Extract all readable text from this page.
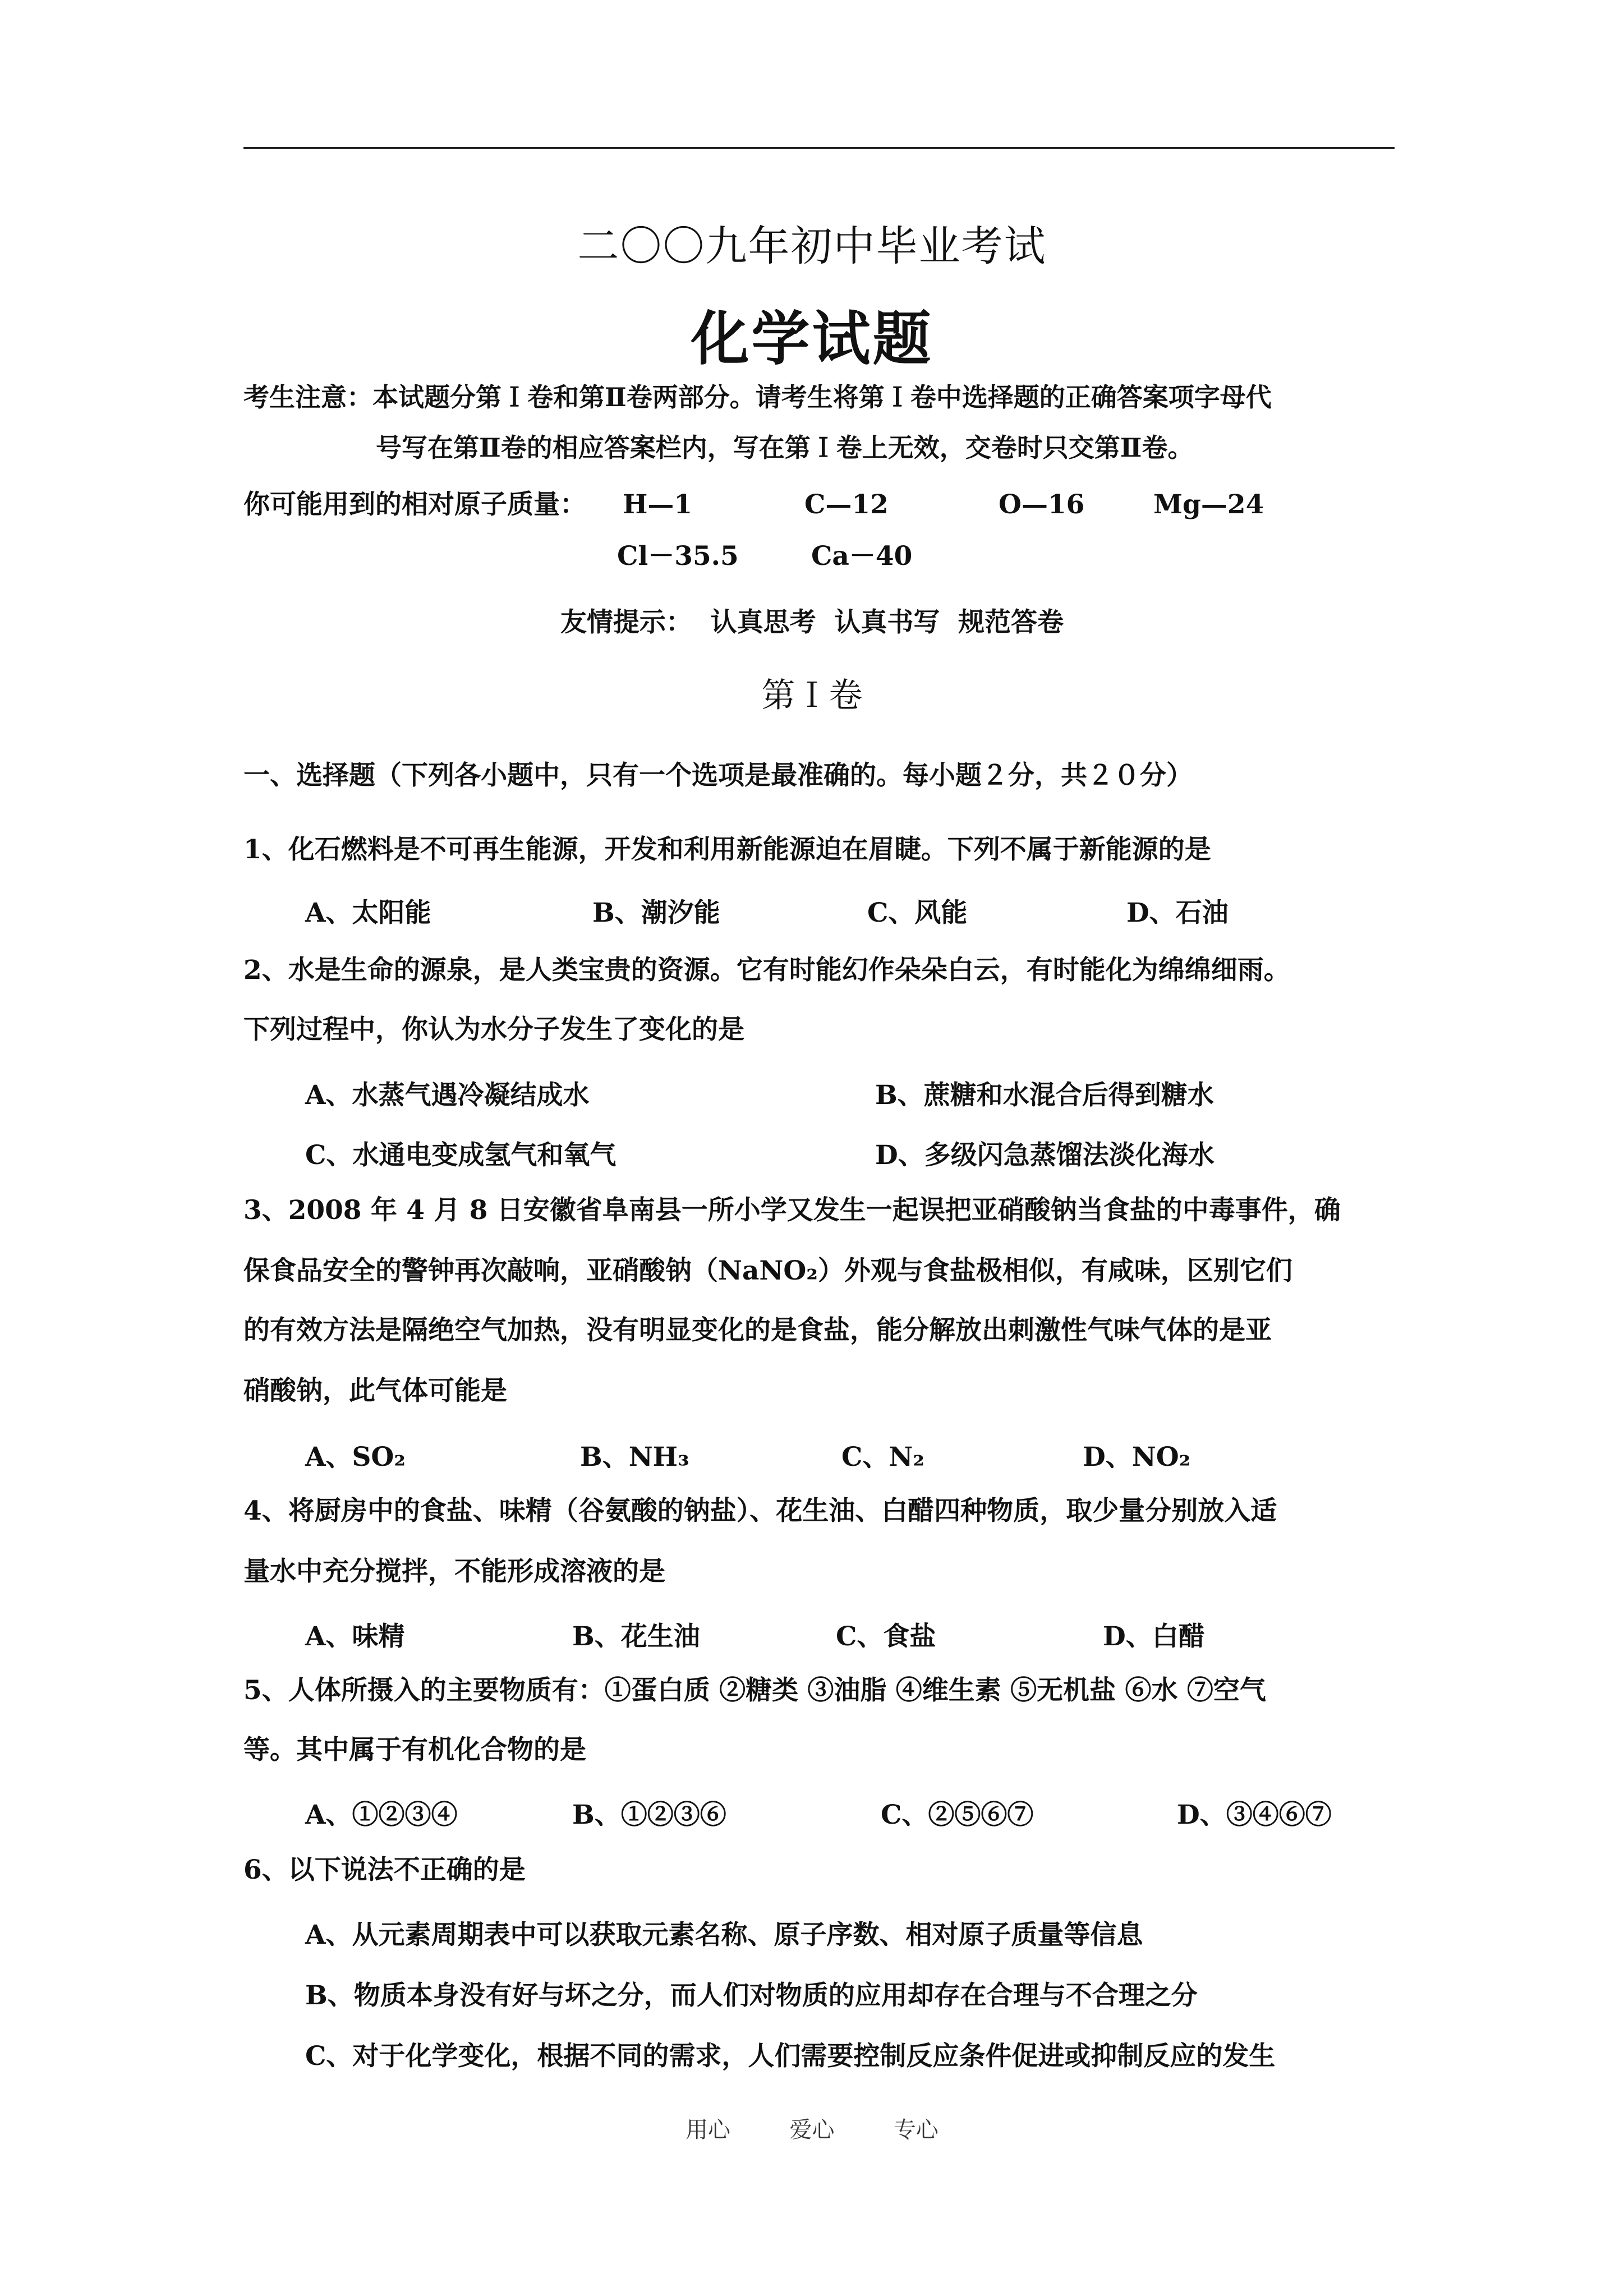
二〇〇九年初中毕业考试
化学试题
考生注意：本试题分第Ｉ卷和第Ⅱ卷两部分。请考生将第Ｉ卷中选择题的正确答案项字母代
号写在第Ⅱ卷的相应答案栏内，写在第Ｉ卷上无效，交卷时只交第Ⅱ卷。
你可能用到的相对原子质量： H—1	C—12	O—16	Mg—24
Cl－35.5	Ca－40
友情提示：  认真思考  认真书写  规范答卷
第Ｉ卷
一、选择题（下列各小题中，只有一个选项是最准确的。每小题２分，共２０分）
1、化石燃料是不可再生能源，开发和利用新能源迫在眉睫。下列不属于新能源的是
A、太阳能	B、潮汐能	C、风能	D、石油
2、水是生命的源泉，是人类宝贵的资源。它有时能幻作朵朵白云，有时能化为绵绵细雨。
下列过程中，你认为水分子发生了变化的是
A、水蒸气遇冷凝结成水	B、蔗糖和水混合后得到糖水
C、水通电变成氢气和氧气	D、多级闪急蒸馏法淡化海水
3、2008 年 4 月 8 日安徽省阜南县一所小学又发生一起误把亚硝酸钠当食盐的中毒事件，确
保食品安全的警钟再次敲响，亚硝酸钠（NaNO₂）外观与食盐极相似，有咸味，区别它们
的有效方法是隔绝空气加热，没有明显变化的是食盐，能分解放出刺激性气味气体的是亚
硝酸钠，此气体可能是
A、SO₂	B、NH₃	C、N₂	D、NO₂
4、将厨房中的食盐、味精（谷氨酸的钠盐）、花生油、白醋四种物质，取少量分别放入适
量水中充分搅拌，不能形成溶液的是
A、味精	B、花生油	C、食盐	D、白醋
5、人体所摄入的主要物质有：①蛋白质 ②糖类 ③油脂 ④维生素 ⑤无机盐 ⑥水 ⑦空气
等。其中属于有机化合物的是
A、①②③④	B、①②③⑥	C、②⑤⑥⑦	D、③④⑥⑦
6、以下说法不正确的是
A、从元素周期表中可以获取元素名称、原子序数、相对原子质量等信息
B、物质本身没有好与坏之分，而人们对物质的应用却存在合理与不合理之分
C、对于化学变化，根据不同的需求，人们需要控制反应条件促进或抑制反应的发生
用心  爱心  专心
